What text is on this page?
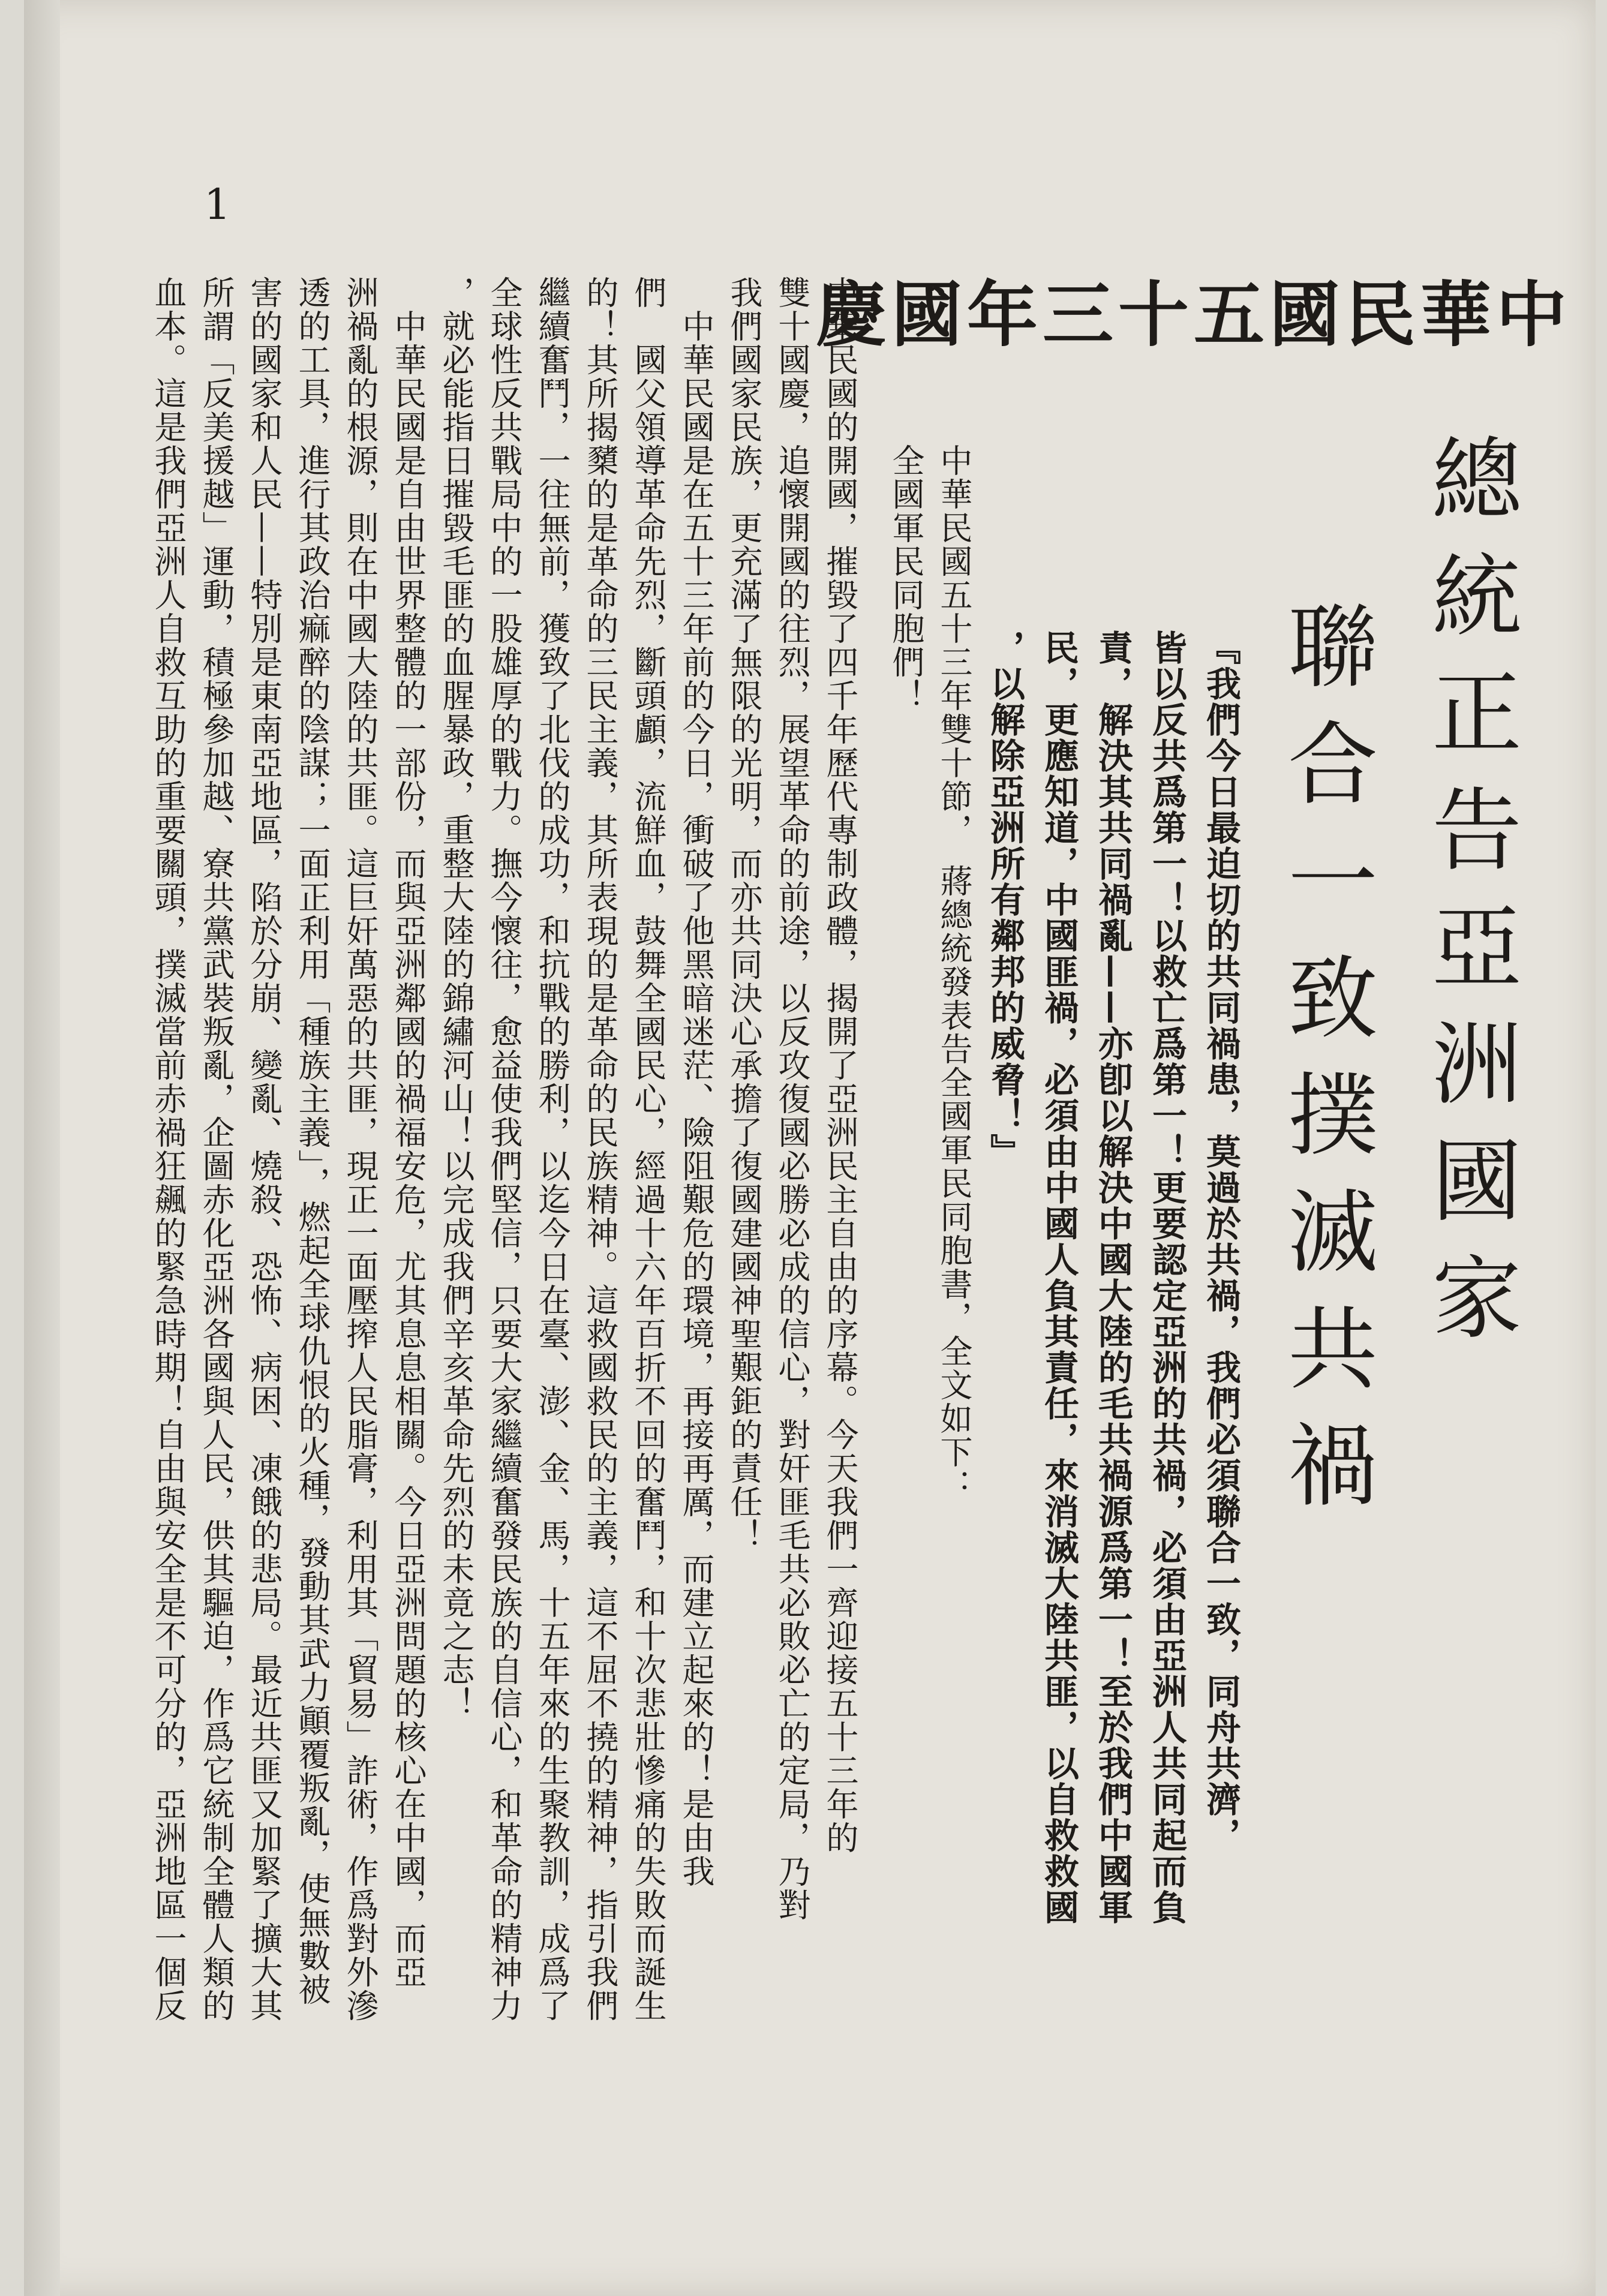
1
中華民國五十三年國慶
總統正告亞洲國家
聯合一致撲滅共禍
『我們今日最迫切的共同禍患，莫過於共禍，我們必須聯合一致，同舟共濟，
皆以反共爲第一！以救亡爲第一！更要認定亞洲的共禍，必須由亞洲人共同起而負
責，解決其共同禍亂——亦卽以解決中國大陸的毛共禍源爲第一！至於我們中國軍
民，更應知道，中國匪禍，必須由中國人負其責任，來消滅大陸共匪，以自救救國
，以解除亞洲所有鄰邦的威脅！』
中華民國五十三年雙十節，　蔣總統發表告全國軍民同胞書，全文如下：
全國軍民同胞們！
中華民國的開國，摧毀了四千年歷代專制政體，揭開了亞洲民主自由的序幕。今天我們一齊迎接五十三年的
雙十國慶，追懷開國的往烈，展望革命的前途，以反攻復國必勝必成的信心，對奸匪毛共必敗必亡的定局，乃對
我們國家民族，更充滿了無限的光明，而亦共同決心承擔了復國建國神聖艱鉅的責任！
　中華民國是在五十三年前的今日，衝破了他黑暗迷茫、險阻艱危的環境，再接再厲，而建立起來的！是由我
們　國父領導革命先烈，斷頭顱，流鮮血，鼓舞全國民心，經過十六年百折不回的奮鬥，和十次悲壯慘痛的失敗而誕生
的！其所揭櫫的是革命的三民主義，其所表現的是革命的民族精神。這救國救民的主義，這不屈不撓的精神，指引我們
繼續奮鬥，一往無前，獲致了北伐的成功，和抗戰的勝利，以迄今日在臺、澎、金、馬，十五年來的生聚教訓，成爲了
全球性反共戰局中的一股雄厚的戰力。撫今懷往，愈益使我們堅信，只要大家繼續奮發民族的自信心，和革命的精神力
，就必能指日摧毀毛匪的血腥暴政，重整大陸的錦繡河山！以完成我們辛亥革命先烈的未竟之志！
　中華民國是自由世界整體的一部份，而與亞洲鄰國的禍福安危，尤其息息相關。今日亞洲問題的核心在中國，而亞
洲禍亂的根源，則在中國大陸的共匪。這巨奸萬惡的共匪，現正一面壓搾人民脂膏，利用其「貿易」詐術，作爲對外滲
透的工具，進行其政治痲醉的陰謀；一面正利用「種族主義」，燃起全球仇恨的火種，發動其武力顚覆叛亂，使無數被
害的國家和人民——特別是東南亞地區，陷於分崩、變亂、燒殺、恐怖、病困、凍餓的悲局。最近共匪又加緊了擴大其
所謂「反美援越」運動，積極參加越、寮共黨武裝叛亂，企圖赤化亞洲各國與人民，供其驅迫，作爲它統制全體人類的
血本。這是我們亞洲人自救互助的重要關頭，撲滅當前赤禍狂飆的緊急時期！自由與安全是不可分的，亞洲地區一個反
